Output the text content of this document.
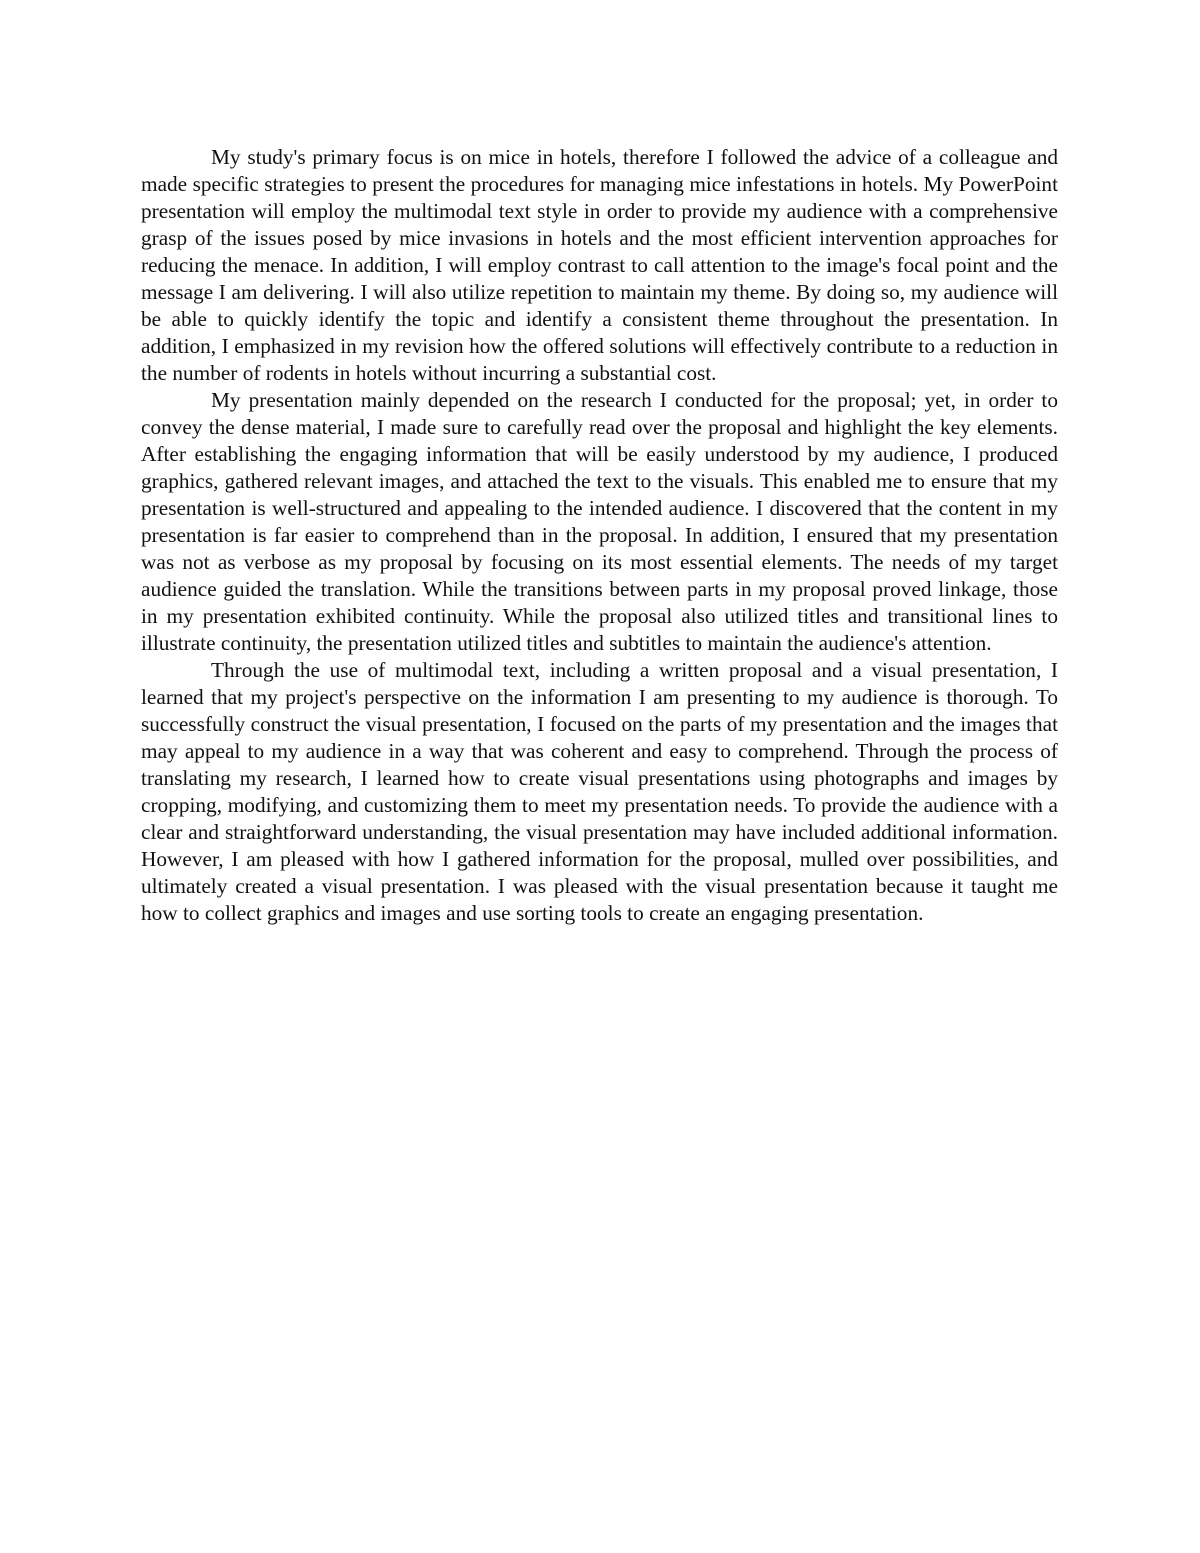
My study's primary focus is on mice in hotels, therefore I followed the advice of a colleague and made specific strategies to present the procedures for managing mice infestations in hotels. My PowerPoint presentation will employ the multimodal text style in order to provide my audience with a comprehensive grasp of the issues posed by mice invasions in hotels and the most efficient intervention approaches for reducing the menace. In addition, I will employ contrast to call attention to the image's focal point and the message I am delivering. I will also utilize repetition to maintain my theme. By doing so, my audience will be able to quickly identify the topic and identify a consistent theme throughout the presentation. In addition, I emphasized in my revision how the offered solutions will effectively contribute to a reduction in the number of rodents in hotels without incurring a substantial cost.

My presentation mainly depended on the research I conducted for the proposal; yet, in order to convey the dense material, I made sure to carefully read over the proposal and highlight the key elements. After establishing the engaging information that will be easily understood by my audience, I produced graphics, gathered relevant images, and attached the text to the visuals. This enabled me to ensure that my presentation is well-structured and appealing to the intended audience. I discovered that the content in my presentation is far easier to comprehend than in the proposal. In addition, I ensured that my presentation was not as verbose as my proposal by focusing on its most essential elements. The needs of my target audience guided the translation. While the transitions between parts in my proposal proved linkage, those in my presentation exhibited continuity. While the proposal also utilized titles and transitional lines to illustrate continuity, the presentation utilized titles and subtitles to maintain the audience's attention.

Through the use of multimodal text, including a written proposal and a visual presentation, I learned that my project's perspective on the information I am presenting to my audience is thorough. To successfully construct the visual presentation, I focused on the parts of my presentation and the images that may appeal to my audience in a way that was coherent and easy to comprehend. Through the process of translating my research, I learned how to create visual presentations using photographs and images by cropping, modifying, and customizing them to meet my presentation needs. To provide the audience with a clear and straightforward understanding, the visual presentation may have included additional information. However, I am pleased with how I gathered information for the proposal, mulled over possibilities, and ultimately created a visual presentation. I was pleased with the visual presentation because it taught me how to collect graphics and images and use sorting tools to create an engaging presentation.
